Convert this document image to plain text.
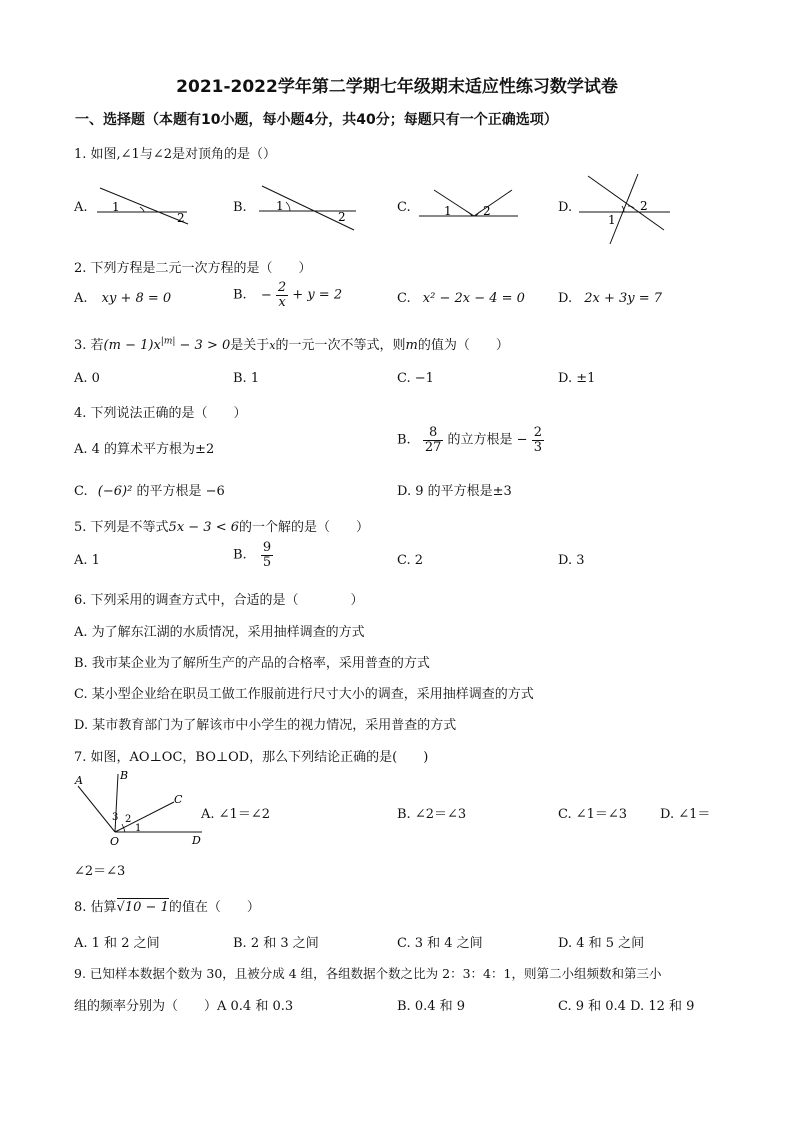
2021-2022学年第二学期七年级期末适应性练习数学试卷
一、选择题（本题有10小题，每小题4分，共40分；每题只有一个正确选项）
1. 如图,∠1与∠2是对顶角的是（）
A. 1
2
B. 1
2
C.	1	2	D.
1
2
2. 下列方程是二元一次方程的是（　　）
A. xy + 8 = 0	B. − $\frac{2}{x} + y = 2$	C. x² − 2x − 4 = 0	D. 2x + 3y = 7
3. 若$(m - 1)x^{|m|} - 3 > 0$是关于x的一元一次不等式，则m的值为（　　）
A. 0	B. 1	C. −1	D. ±1
4. 下列说法正确的是（　　）
A. 4 的算术平方根为±2
B. $\frac{8}{27}$ 的立方根是 − $\frac{2}{3}$
C. (−6)² 的平方根是 −6	D. 9 的平方根是±3
5. 下列是不等式5x − 3 < 6的一个解的是（　　）
A. 1	B. $\frac{9}{5}$	C. 2	D. 3
6. 下列采用的调查方式中，合适的是（　　　　）
A. 为了解东江湖的水质情况，采用抽样调查的方式
B. 我市某企业为了解所生产的产品的合格率，采用普查的方式
C. 某小型企业给在职员工做工作服前进行尺寸大小的调查，采用抽样调查的方式
D. 某市教育部门为了解该市中小学生的视力情况，采用普查的方式
7. 如图，AO⊥OC，BO⊥OD，那么下列结论正确的是(　　)
A	B
C
D
O
1
2
3	A. ∠1＝∠2	B. ∠2＝∠3	C. ∠1＝∠3	D. ∠1＝
∠2＝∠3
8. 估算√10 − 1的值在（　　）
A. 1 和 2 之间	B. 2 和 3 之间	C. 3 和 4 之间	D. 4 和 5 之间
9. 已知样本数据个数为 30，且被分成 4 组，各组数据个数之比为 2：3：4：1，则第二小组频数和第三小
组的频率分别为（　　）A 0.4 和 0.3	B. 0.4 和 9	C. 9 和 0.4 D. 12 和 9
